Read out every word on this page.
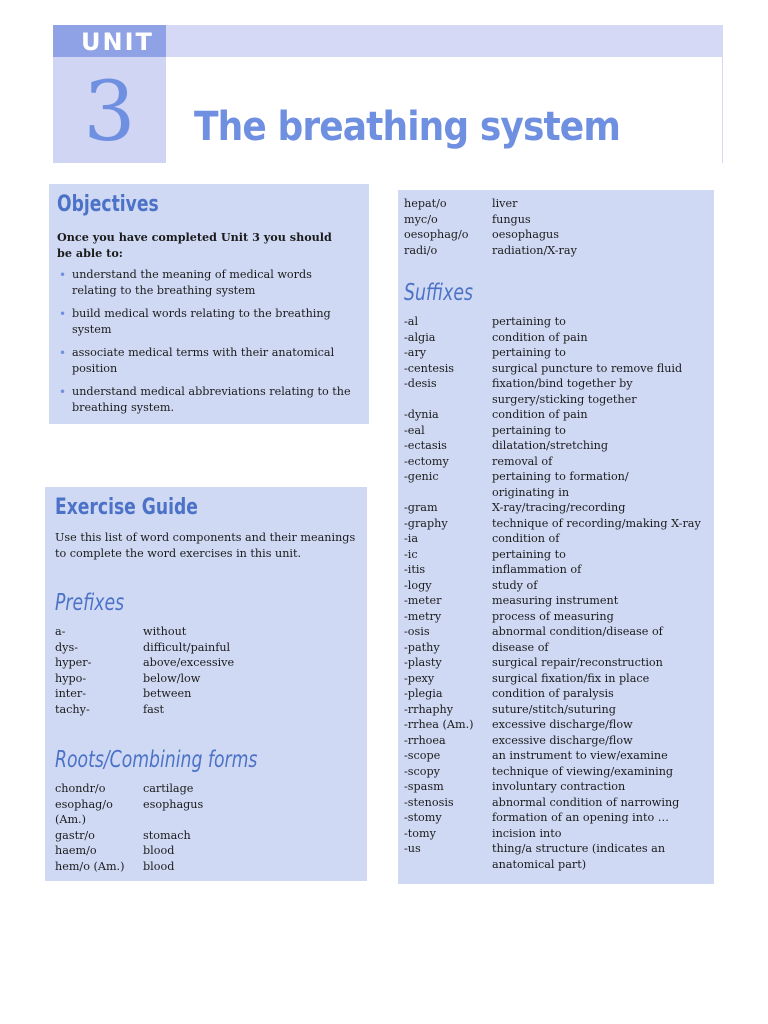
UNIT
3	The breathing system
Objectives
Once you have completed Unit 3 you should be able to:
• understand the meaning of medical words relating to the breathing system
• build medical words relating to the breathing system
• associate medical terms with their anatomical position
• understand medical abbreviations relating to the breathing system.
Exercise Guide
Use this list of word components and their meanings to complete the word exercises in this unit.
Prefixes
a-	without
dys-	difficult/painful
hyper-	above/excessive
hypo-	below/low
inter-	between
tachy-	fast
Roots/Combining forms
chondr/o	cartilage
esophag/o	esophagus
(Am.)
gastr/o	stomach
haem/o	blood
hem/o (Am.)	blood
hepat/o	liver
myc/o	fungus
oesophag/o	oesophagus
radi/o	radiation/X-ray
Suffixes
-al	pertaining to
-algia	condition of pain
-ary	pertaining to
-centesis	surgical puncture to remove fluid
-desis	fixation/bind together by
surgery/sticking together
-dynia	condition of pain
-eal	pertaining to
-ectasis	dilatation/stretching
-ectomy	removal of
-genic	pertaining to formation/
originating in
-gram	X-ray/tracing/recording
-graphy	technique of recording/making X-ray
-ia	condition of
-ic	pertaining to
-itis	inflammation of
-logy	study of
-meter	measuring instrument
-metry	process of measuring
-osis	abnormal condition/disease of
-pathy	disease of
-plasty	surgical repair/reconstruction
-pexy	surgical fixation/fix in place
-plegia	condition of paralysis
-rrhaphy	suture/stitch/suturing
-rrhea (Am.)	excessive discharge/flow
-rrhoea	excessive discharge/flow
-scope	an instrument to view/examine
-scopy	technique of viewing/examining
-spasm	involuntary contraction
-stenosis	abnormal condition of narrowing
-stomy	formation of an opening into …
-tomy	incision into
-us	thing/a structure (indicates an
anatomical part)
